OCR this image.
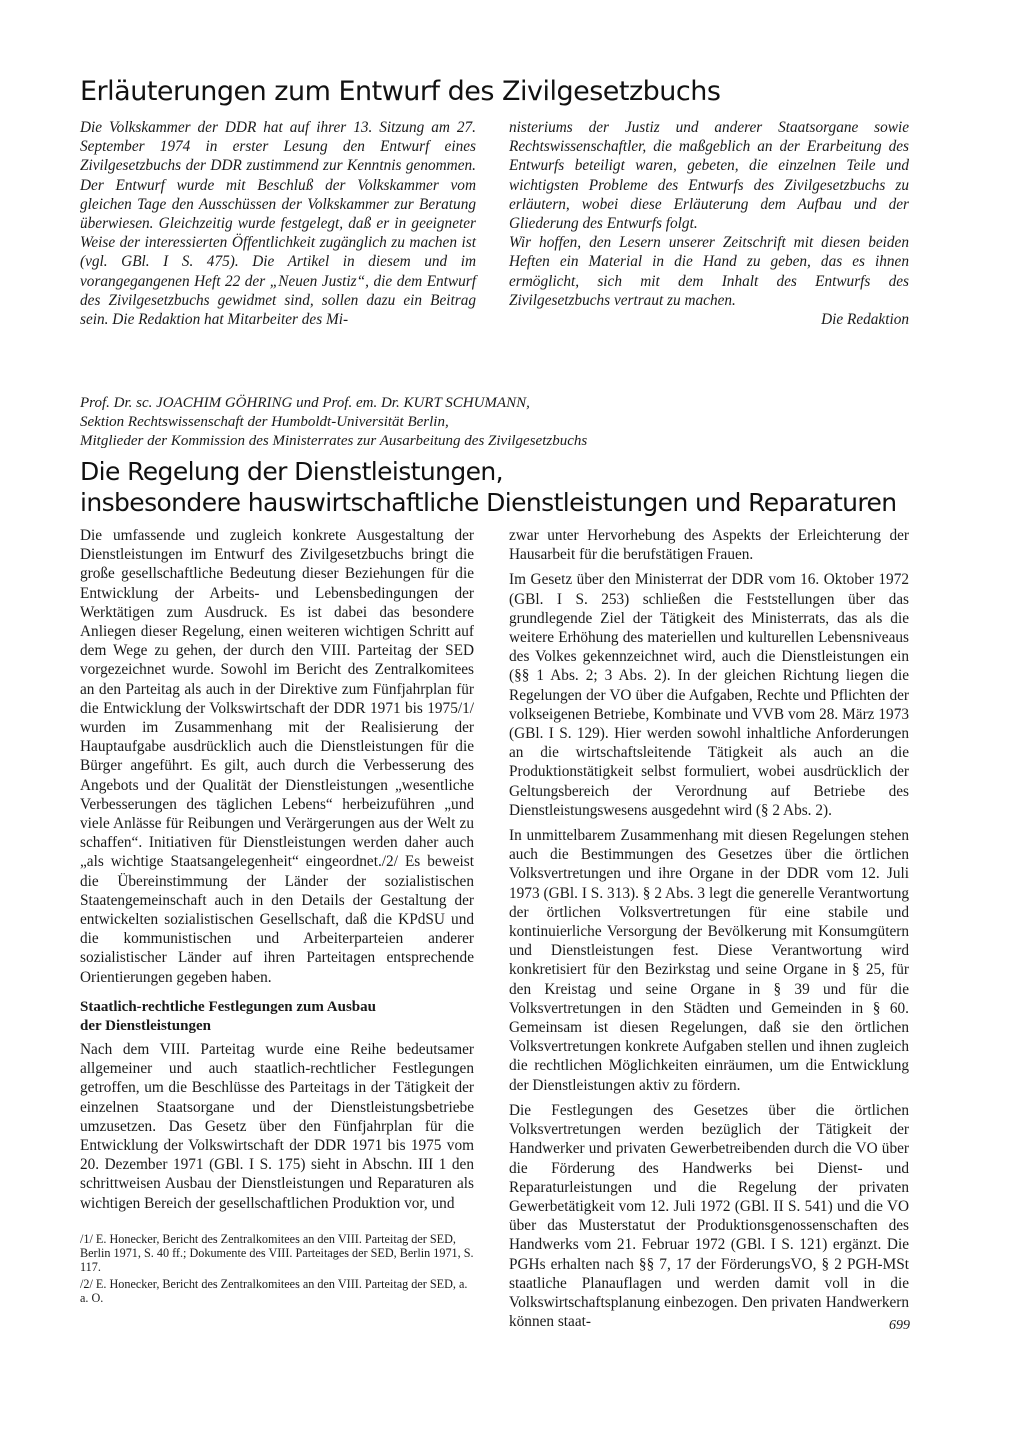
Erläuterungen zum Entwurf des Zivilgesetzbuchs

Die Volkskammer der DDR hat auf ihrer 13. Sitzung am 27. September 1974 in erster Lesung den Entwurf eines Zivilgesetzbuchs der DDR zustimmend zur Kenntnis genommen. Der Entwurf wurde mit Beschluß der Volkskammer vom gleichen Tage den Ausschüssen der Volkskammer zur Beratung überwiesen. Gleichzeitig wurde festgelegt, daß er in geeigneter Weise der interessierten Öffentlichkeit zugänglich zu machen ist (vgl. GBl. I S. 475). Die Artikel in diesem und im vorangegangenen Heft 22 der „Neuen Justiz“, die dem Entwurf des Zivilgesetzbuchs gewidmet sind, sollen dazu ein Beitrag sein. Die Redaktion hat Mitarbeiter des Mi-

nisteriums der Justiz und anderer Staatsorgane sowie Rechtswissenschaftler, die maßgeblich an der Erarbeitung des Entwurfs beteiligt waren, gebeten, die einzelnen Teile und wichtigsten Probleme des Entwurfs des Zivilgesetzbuchs zu erläutern, wobei diese Erläuterung dem Aufbau und der Gliederung des Entwurfs folgt.

Wir hoffen, den Lesern unserer Zeitschrift mit diesen beiden Heften ein Material in die Hand zu geben, das es ihnen ermöglicht, sich mit dem Inhalt des Entwurfs des Zivilgesetzbuchs vertraut zu machen.

Die Redaktion

Prof. Dr. sc. JOACHIM GÖHRING und Prof. em. Dr. KURT SCHUMANN,
Sektion Rechtswissenschaft der Humboldt-Universität Berlin,
Mitglieder der Kommission des Ministerrates zur Ausarbeitung des Zivilgesetzbuchs
Die Regelung der Dienstleistungen,
insbesondere hauswirtschaftliche Dienstleistungen und Reparaturen

Die umfassende und zugleich konkrete Ausgestaltung der Dienstleistungen im Entwurf des Zivilgesetzbuchs bringt die große gesellschaftliche Bedeutung dieser Beziehungen für die Entwicklung der Arbeits- und Lebensbedingungen der Werktätigen zum Ausdruck. Es ist dabei das besondere Anliegen dieser Regelung, einen weiteren wichtigen Schritt auf dem Wege zu gehen, der durch den VIII. Parteitag der SED vorgezeichnet wurde. Sowohl im Bericht des Zentralkomitees an den Parteitag als auch in der Direktive zum Fünfjahrplan für die Entwicklung der Volkswirtschaft der DDR 1971 bis 1975/1/ wurden im Zusammenhang mit der Realisierung der Hauptaufgabe ausdrücklich auch die Dienstleistungen für die Bürger angeführt. Es gilt, auch durch die Verbesserung des Angebots und der Qualität der Dienstleistungen „wesentliche Verbesserungen des täglichen Lebens“ herbeizuführen „und viele Anlässe für Reibungen und Verärgerungen aus der Welt zu schaffen“. Initiativen für Dienstleistungen werden daher auch „als wichtige Staatsangelegenheit“ eingeordnet./2/ Es beweist die Übereinstimmung der Länder der sozialistischen Staatengemeinschaft auch in den Details der Gestaltung der entwickelten sozialistischen Gesellschaft, daß die KPdSU und die kommunistischen und Arbeiterparteien anderer sozialistischer Länder auf ihren Parteitagen entsprechende Orientierungen gegeben haben.

Staatlich-rechtliche Festlegungen zum Ausbau
der Dienstleistungen

Nach dem VIII. Parteitag wurde eine Reihe bedeutsamer allgemeiner und auch staatlich-rechtlicher Festlegungen getroffen, um die Beschlüsse des Parteitags in der Tätigkeit der einzelnen Staatsorgane und der Dienstleistungsbetriebe umzusetzen. Das Gesetz über den Fünfjahrplan für die Entwicklung der Volkswirtschaft der DDR 1971 bis 1975 vom 20. Dezember 1971 (GBl. I S. 175) sieht in Abschn. III 1 den schrittweisen Ausbau der Dienstleistungen und Reparaturen als wichtigen Bereich der gesellschaftlichen Produktion vor, und

zwar unter Hervorhebung des Aspekts der Erleichterung der Hausarbeit für die berufstätigen Frauen.

Im Gesetz über den Ministerrat der DDR vom 16. Oktober 1972 (GBl. I S. 253) schließen die Feststellungen über das grundlegende Ziel der Tätigkeit des Ministerrats, das als die weitere Erhöhung des materiellen und kulturellen Lebensniveaus des Volkes gekennzeichnet wird, auch die Dienstleistungen ein (§§ 1 Abs. 2; 3 Abs. 2). In der gleichen Richtung liegen die Regelungen der VO über die Aufgaben, Rechte und Pflichten der volkseigenen Betriebe, Kombinate und VVB vom 28. März 1973 (GBl. I S. 129). Hier werden sowohl inhaltliche Anforderungen an die wirtschaftsleitende Tätigkeit als auch an die Produktionstätigkeit selbst formuliert, wobei ausdrücklich der Geltungsbereich der Verordnung auf Betriebe des Dienstleistungswesens ausgedehnt wird (§ 2 Abs. 2).

In unmittelbarem Zusammenhang mit diesen Regelungen stehen auch die Bestimmungen des Gesetzes über die örtlichen Volksvertretungen und ihre Organe in der DDR vom 12. Juli 1973 (GBl. I S. 313). § 2 Abs. 3 legt die generelle Verantwortung der örtlichen Volksvertretungen für eine stabile und kontinuierliche Versorgung der Bevölkerung mit Konsumgütern und Dienstleistungen fest. Diese Verantwortung wird konkretisiert für den Bezirkstag und seine Organe in § 25, für den Kreistag und seine Organe in § 39 und für die Volksvertretungen in den Städten und Gemeinden in § 60. Gemeinsam ist diesen Regelungen, daß sie den örtlichen Volksvertretungen konkrete Aufgaben stellen und ihnen zugleich die rechtlichen Möglichkeiten einräumen, um die Entwicklung der Dienstleistungen aktiv zu fördern.

Die Festlegungen des Gesetzes über die örtlichen Volksvertretungen werden bezüglich der Tätigkeit der Handwerker und privaten Gewerbetreibenden durch die VO über die Förderung des Handwerks bei Dienst- und Reparaturleistungen und die Regelung der privaten Gewerbetätigkeit vom 12. Juli 1972 (GBl. II S. 541) und die VO über das Musterstatut der Produktionsgenossenschaften des Handwerks vom 21. Februar 1972 (GBl. I S. 121) ergänzt. Die PGHs erhalten nach §§ 7, 17 der FörderungsVO, § 2 PGH-MSt staatliche Planauflagen und werden damit voll in die Volkswirtschaftsplanung einbezogen. Den privaten Handwerkern können staat-

/1/ E. Honecker, Bericht des Zentralkomitees an den VIII. Parteitag der SED, Berlin 1971, S. 40 ff.; Dokumente des VIII. Parteitages der SED, Berlin 1971, S. 117.

/2/ E. Honecker, Bericht des Zentralkomitees an den VIII. Parteitag der SED, a. a. O.

699
